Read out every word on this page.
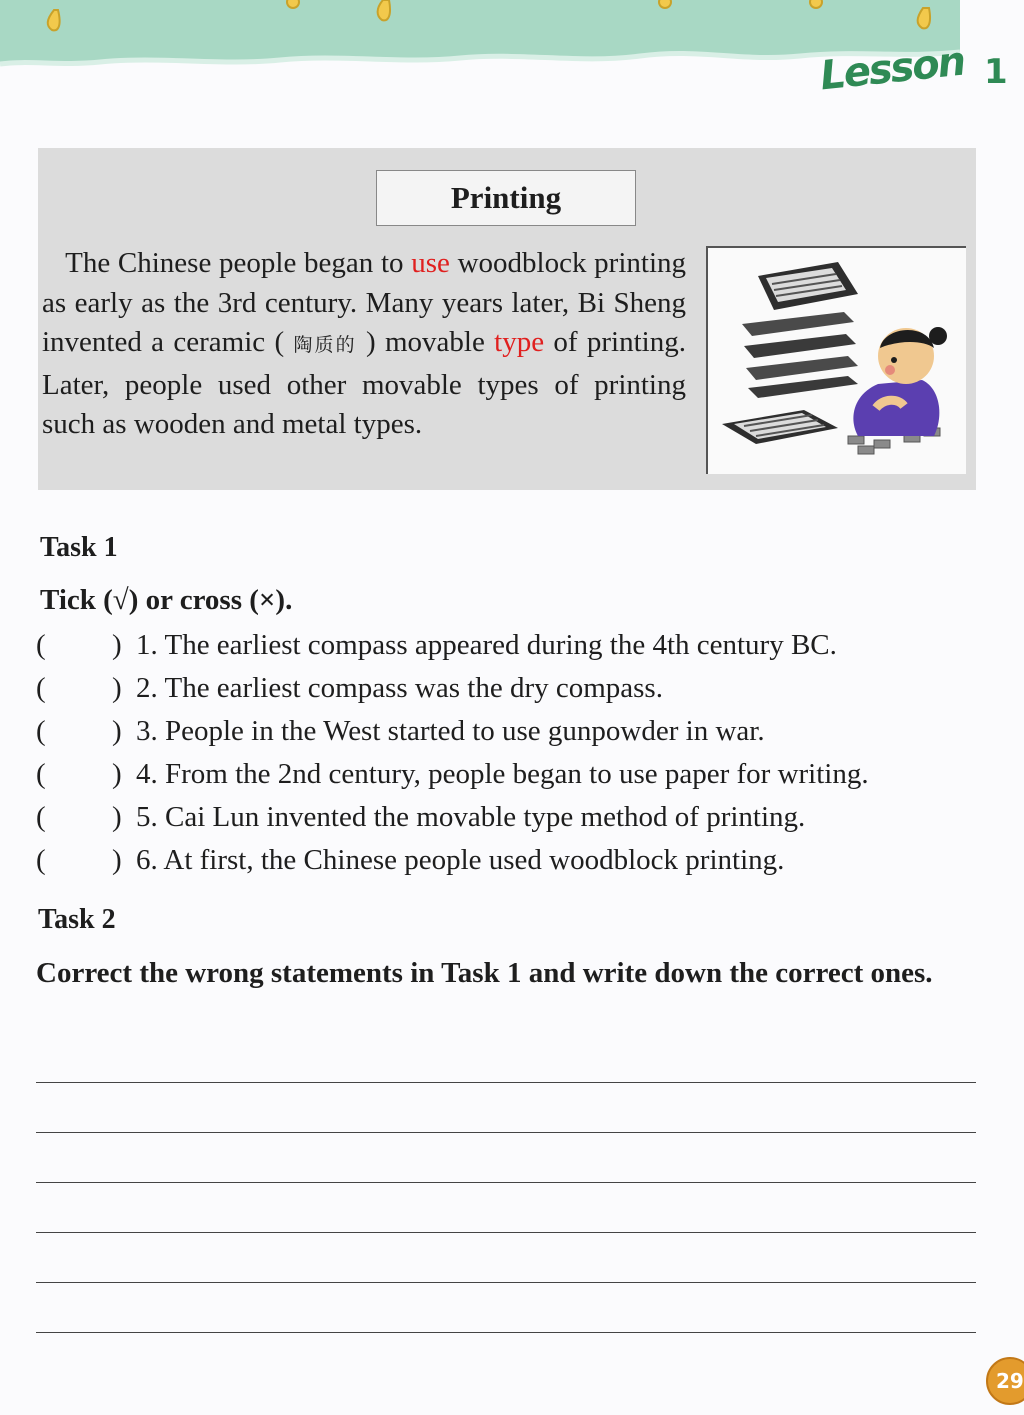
Lesson 1
Printing
The Chinese people began to use woodblock printing as early as the 3rd century. Many years later, Bi Sheng invented a ceramic ( 陶质的 ) movable type of printing. Later, people used other movable types of printing such as wooden and metal types.
Task 1
Tick (√) or cross (×).
( ) 1. The earliest compass appeared during the 4th century BC.
( ) 2. The earliest compass was the dry compass.
( ) 3. People in the West started to use gunpowder in war.
( ) 4. From the 2nd century, people began to use paper for writing.
( ) 5. Cai Lun invented the movable type method of printing.
( ) 6. At first, the Chinese people used woodblock printing.
Task 2
Correct the wrong statements in Task 1 and write down the correct ones.
29
